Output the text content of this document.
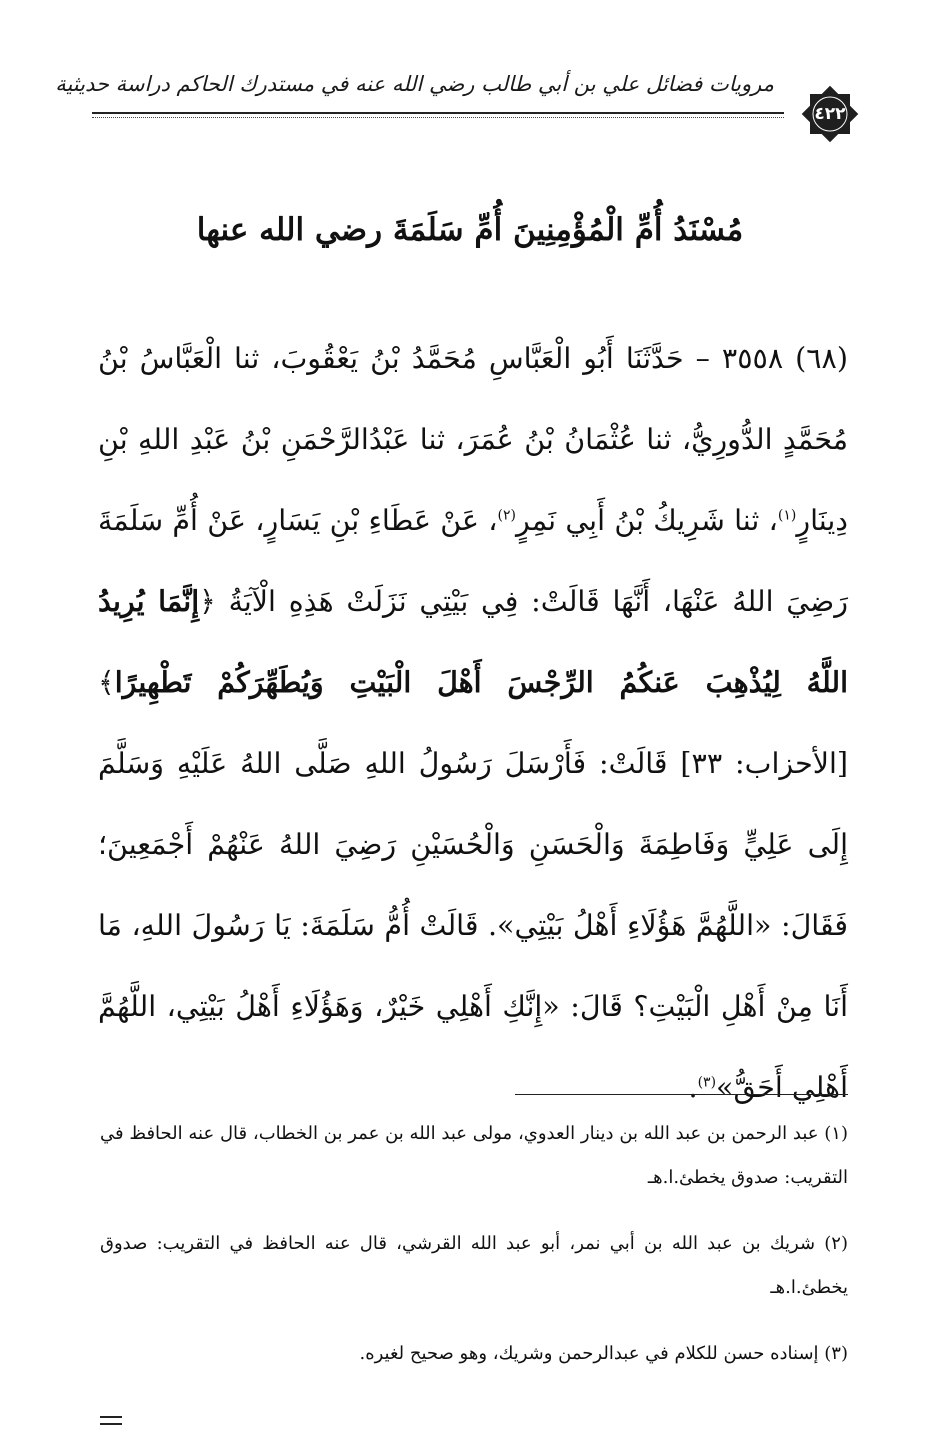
مرويات فضائل علي بن أبي طالب رضي الله عنه في مستدرك الحاكم دراسة حديثية
٤٢٢
مُسْنَدُ أُمِّ الْمُؤْمِنِينَ أُمِّ سَلَمَةَ رضي الله عنها
(٦٨) ٣٥٥٨ – حَدَّثَنَا أَبُو الْعَبَّاسِ مُحَمَّدُ بْنُ يَعْقُوبَ، ثنا الْعَبَّاسُ بْنُ مُحَمَّدٍ الدُّورِيُّ، ثنا عُثْمَانُ بْنُ عُمَرَ، ثنا عَبْدُالرَّحْمَنِ بْنُ عَبْدِ اللهِ بْنِ دِينَارٍ$^{(١)}$، ثنا شَرِيكُ بْنُ أَبِي نَمِرٍ$^{(٢)}$، عَنْ عَطَاءِ بْنِ يَسَارٍ، عَنْ أُمِّ سَلَمَةَ رَضِيَ اللهُ عَنْهَا، أَنَّهَا قَالَتْ: فِي بَيْتِي نَزَلَتْ هَذِهِ الْآيَةُ ﴿إِنَّمَا يُرِيدُ اللَّهُ لِيُذْهِبَ عَنكُمُ الرِّجْسَ أَهْلَ الْبَيْتِ وَيُطَهِّرَكُمْ تَطْهِيرًا﴾ [الأحزاب: ٣٣] قَالَتْ: فَأَرْسَلَ رَسُولُ اللهِ صَلَّى اللهُ عَلَيْهِ وَسَلَّمَ إِلَى عَلِيٍّ وَفَاطِمَةَ وَالْحَسَنِ وَالْحُسَيْنِ رَضِيَ اللهُ عَنْهُمْ أَجْمَعِينَ؛ فَقَالَ: «اللَّهُمَّ هَؤُلَاءِ أَهْلُ بَيْتِي». قَالَتْ أُمُّ سَلَمَةَ: يَا رَسُولَ اللهِ، مَا أَنَا مِنْ أَهْلِ الْبَيْتِ؟ قَالَ: «إِنَّكِ أَهْلِي خَيْرٌ، وَهَؤُلَاءِ أَهْلُ بَيْتِي، اللَّهُمَّ أَهْلِي أَحَقُّ»$^{(٣)}$.
(١) عبد الرحمن بن عبد الله بن دينار العدوي، مولى عبد الله بن عمر بن الخطاب، قال عنه الحافظ في التقريب: صدوق يخطئ.ا.هـ
(٢) شريك بن عبد الله بن أبي نمر، أبو عبد الله القرشي، قال عنه الحافظ في التقريب: صدوق يخطئ.ا.هـ
(٣) إسناده حسن للكلام في عبدالرحمن وشريك، وهو صحيح لغيره.
